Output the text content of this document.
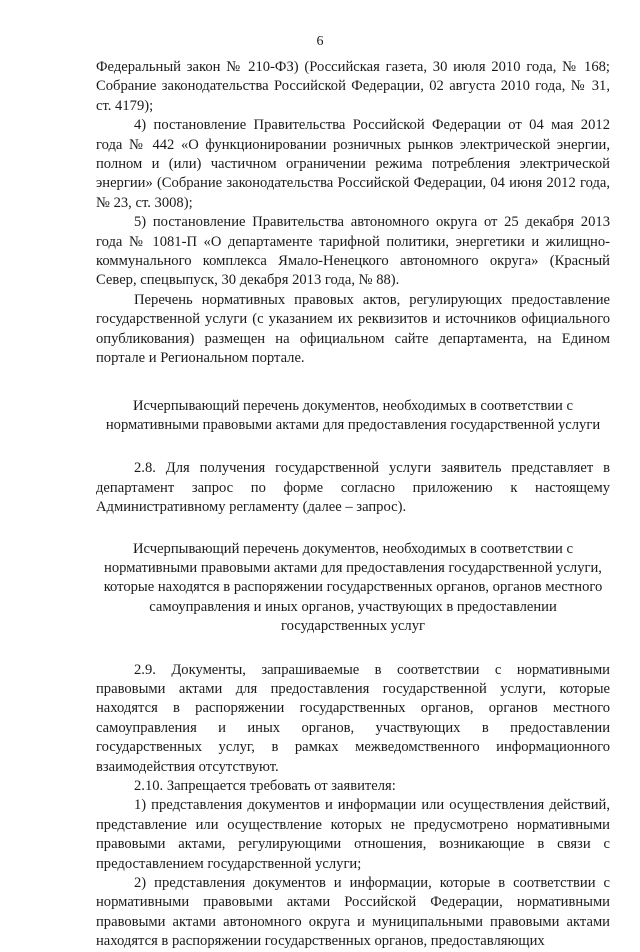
6

Федеральный закон № 210-ФЗ) (Российская газета, 30 июля 2010 года, № 168; Собрание законодательства Российской Федерации, 02 августа 2010 года, № 31, ст. 4179);

4) постановление Правительства Российской Федерации от 04 мая 2012 года № 442 «О функционировании розничных рынков электрической энергии, полном и (или) частичном ограничении режима потребления электрической энергии» (Собрание законодательства Российской Федерации, 04 июня 2012 года, № 23, ст. 3008);

5) постановление Правительства автономного округа от 25 декабря 2013 года № 1081-П «О департаменте тарифной политики, энергетики и жилищно-коммунального комплекса Ямало-Ненецкого автономного округа» (Красный Север, спецвыпуск, 30 декабря 2013 года, № 88).

Перечень нормативных правовых актов, регулирующих предоставление государственной услуги (с указанием их реквизитов и источников официального опубликования) размещен на официальном сайте департамента, на Едином портале и Региональном портале.

Исчерпывающий перечень документов, необходимых в соответствии с нормативными правовыми актами для предоставления государственной услуги

2.8. Для получения государственной услуги заявитель представляет в департамент запрос по форме согласно приложению к настоящему Административному регламенту (далее – запрос).

Исчерпывающий перечень документов, необходимых в соответствии с нормативными правовыми актами для предоставления государственной услуги, которые находятся в распоряжении государственных органов, органов местного самоуправления и иных органов, участвующих в предоставлении государственных услуг

2.9. Документы, запрашиваемые в соответствии с нормативными правовыми актами для предоставления государственной услуги, которые находятся в распоряжении государственных органов, органов местного самоуправления и иных органов, участвующих в предоставлении государственных услуг, в рамках межведомственного информационного взаимодействия отсутствуют.

2.10. Запрещается требовать от заявителя:

1) представления документов и информации или осуществления действий, представление или осуществление которых не предусмотрено нормативными правовыми актами, регулирующими отношения, возникающие в связи с предоставлением государственной услуги;

2) представления документов и информации, которые в соответствии с нормативными правовыми актами Российской Федерации, нормативными правовыми актами автономного округа и муниципальными правовыми актами находятся в распоряжении государственных органов, предоставляющих
